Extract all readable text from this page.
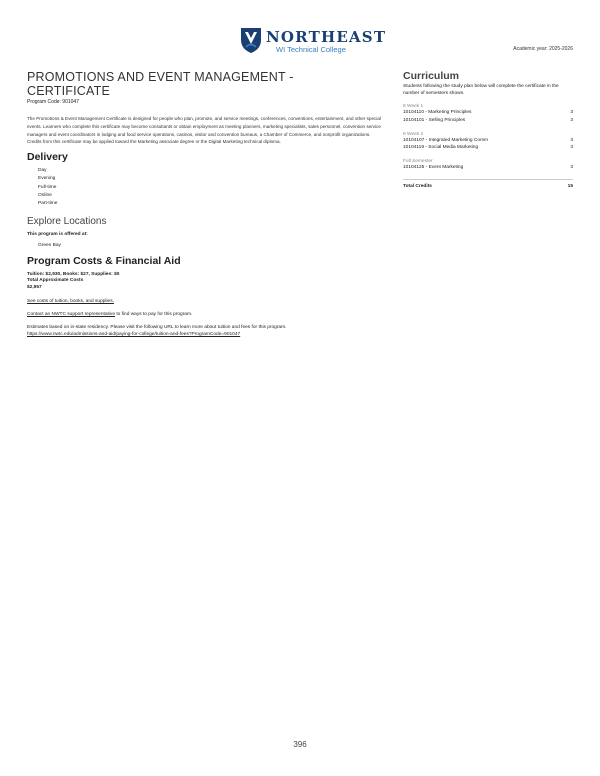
NORTHEAST
WI Technical College	Academic year: 2025-2026
PROMOTIONS AND EVENT MANAGEMENT -
CERTIFICATE
Program Code: 901047

The Promotions & Event Management Certificate is designed for people who plan, promote, and service meetings, conferences, conventions, entertainment, and other special events. Learners who complete this certificate may become consultants or obtain employment as meeting planners, marketing specialists, sales personnel, convention service managers and event coordinators in lodging and food service operations, casinos, visitor and convention bureaus, a Chamber of Commerce, and nonprofit organizations. Credits from this certificate may be applied toward the Marketing associate degree or the Digital Marketing technical diploma.

Delivery
Day
Evening
Full-time
Online
Part-time
Explore Locations
This program is offered at:
Green Bay
Program Costs & Financial Aid
Tuition: $2,930, Books: $27, Supplies: $0
Total Approximate Costs
$2,957
See costs of tuition, books, and supplies.
Contact an NWTC support representative to find ways to pay for this program.
Estimates based on in-state residency. Please visit the following URL to learn more about tuition and fees for this program.
https://www.nwtc.edu/admissions-and-aid/paying-for-college/tuition-and-fees?ProgramCode=901047
Curriculum
Students following the study plan below will complete the certificate in the number of semesters shown.
8 Week 1
10104110 - Marketing Principles	3
10104101 - Selling Principles	3
8 Week 2
10104107 - Integrated Marketing Comm	3
10104119 - Social Media Marketing	3
Full Semester
10104125 - Event Marketing	3
Total Credits	15
396
